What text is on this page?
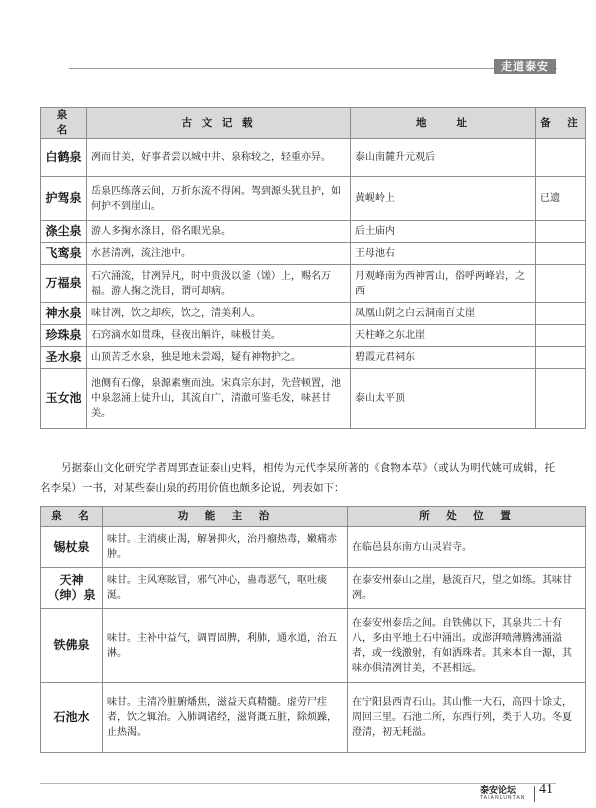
走道泰安
泉　名	古 文 记 载	地　　址	备　注
白鹤泉	冽而甘美，好事者尝以城中井、泉称较之，轻重亦异。	泰山南麓升元观后	
护驾泉	岳泉匹练落云间，万折东流不得闲。驾到源头犹且护，如何护不到崖山。	黄岘岭上	已遗
涤尘泉	游人多掬水涤目，俗名眼光泉。	后土庙内	
飞鸾泉	水甚清冽，流注池中。	王母池右	
万福泉	石穴涌流，甘冽异凡，时中贵汲以釜（馐）上，赐名万福。游人掬之洗目，谓可却病。	月观峰南为西神霄山，俗呼两峰岩，之西	
神水泉	味甘冽，饮之却疾，饮之，清美利人。	凤凰山阴之白云洞南百丈崖	
珍珠泉	石窍滴水如贯珠，昼夜出斛许，味极甘美。	天柱峰之东北崖	
圣水泉	山顶苦乏水泉，独是地未尝竭，疑有神物护之。	碧霞元君祠东	
玉女池	池侧有石像，泉源素壅而浊。宋真宗东封，先营顿置，池中泉忽涌上徒升山，其流自广，清澈可鉴毛发，味甚甘美。	泰山太平顶	

另据泰山文化研究学者周郢查证泰山史料，相传为元代李杲所著的《食物本草》（或认为明代姚可成辑，托名李杲）一书，对某些泰山泉的药用价值也颇多论说，列表如下：

泉　名	功　能　主　治	所　处　位　置
锡杖泉	味甘。主消痰止渴，解暑抑火，治丹瘤热毒，嫩痛赤肿。	在临邑县东南方山灵岩寺。
天神（绅）泉	味甘。主风寒眩冒，邪气冲心，蛊毒恶气，呕吐痰涎。	在泰安州泰山之崖，悬流百尺，望之如练。其味甘冽。
铁佛泉	味甘。主补中益气，调胃固脾，利肺，通水道，治五淋。	在泰安州泰岳之间。自铁佛以下，其泉共二十有八，多由平地土石中涌出。或澎湃喷薄腾沸涌溢者，或一线激射，有如洒珠者。其来本自一源，其味亦俱清冽甘美，不甚相远。
石池水	味甘。主清冷脏腑燔焦，滋益天真精髓。虚劳尸疰者，饮之辄治。入肺调诸经，滋肾溉五脏，除烦躁，止热渴。	在宁阳县西青石山。其山惟一大石，高四十馀丈，周回三里。石池二所，东西行列，类于人功。冬夏澄清，初无耗溢。
泰安论坛
TAIANLUNTAN
41
